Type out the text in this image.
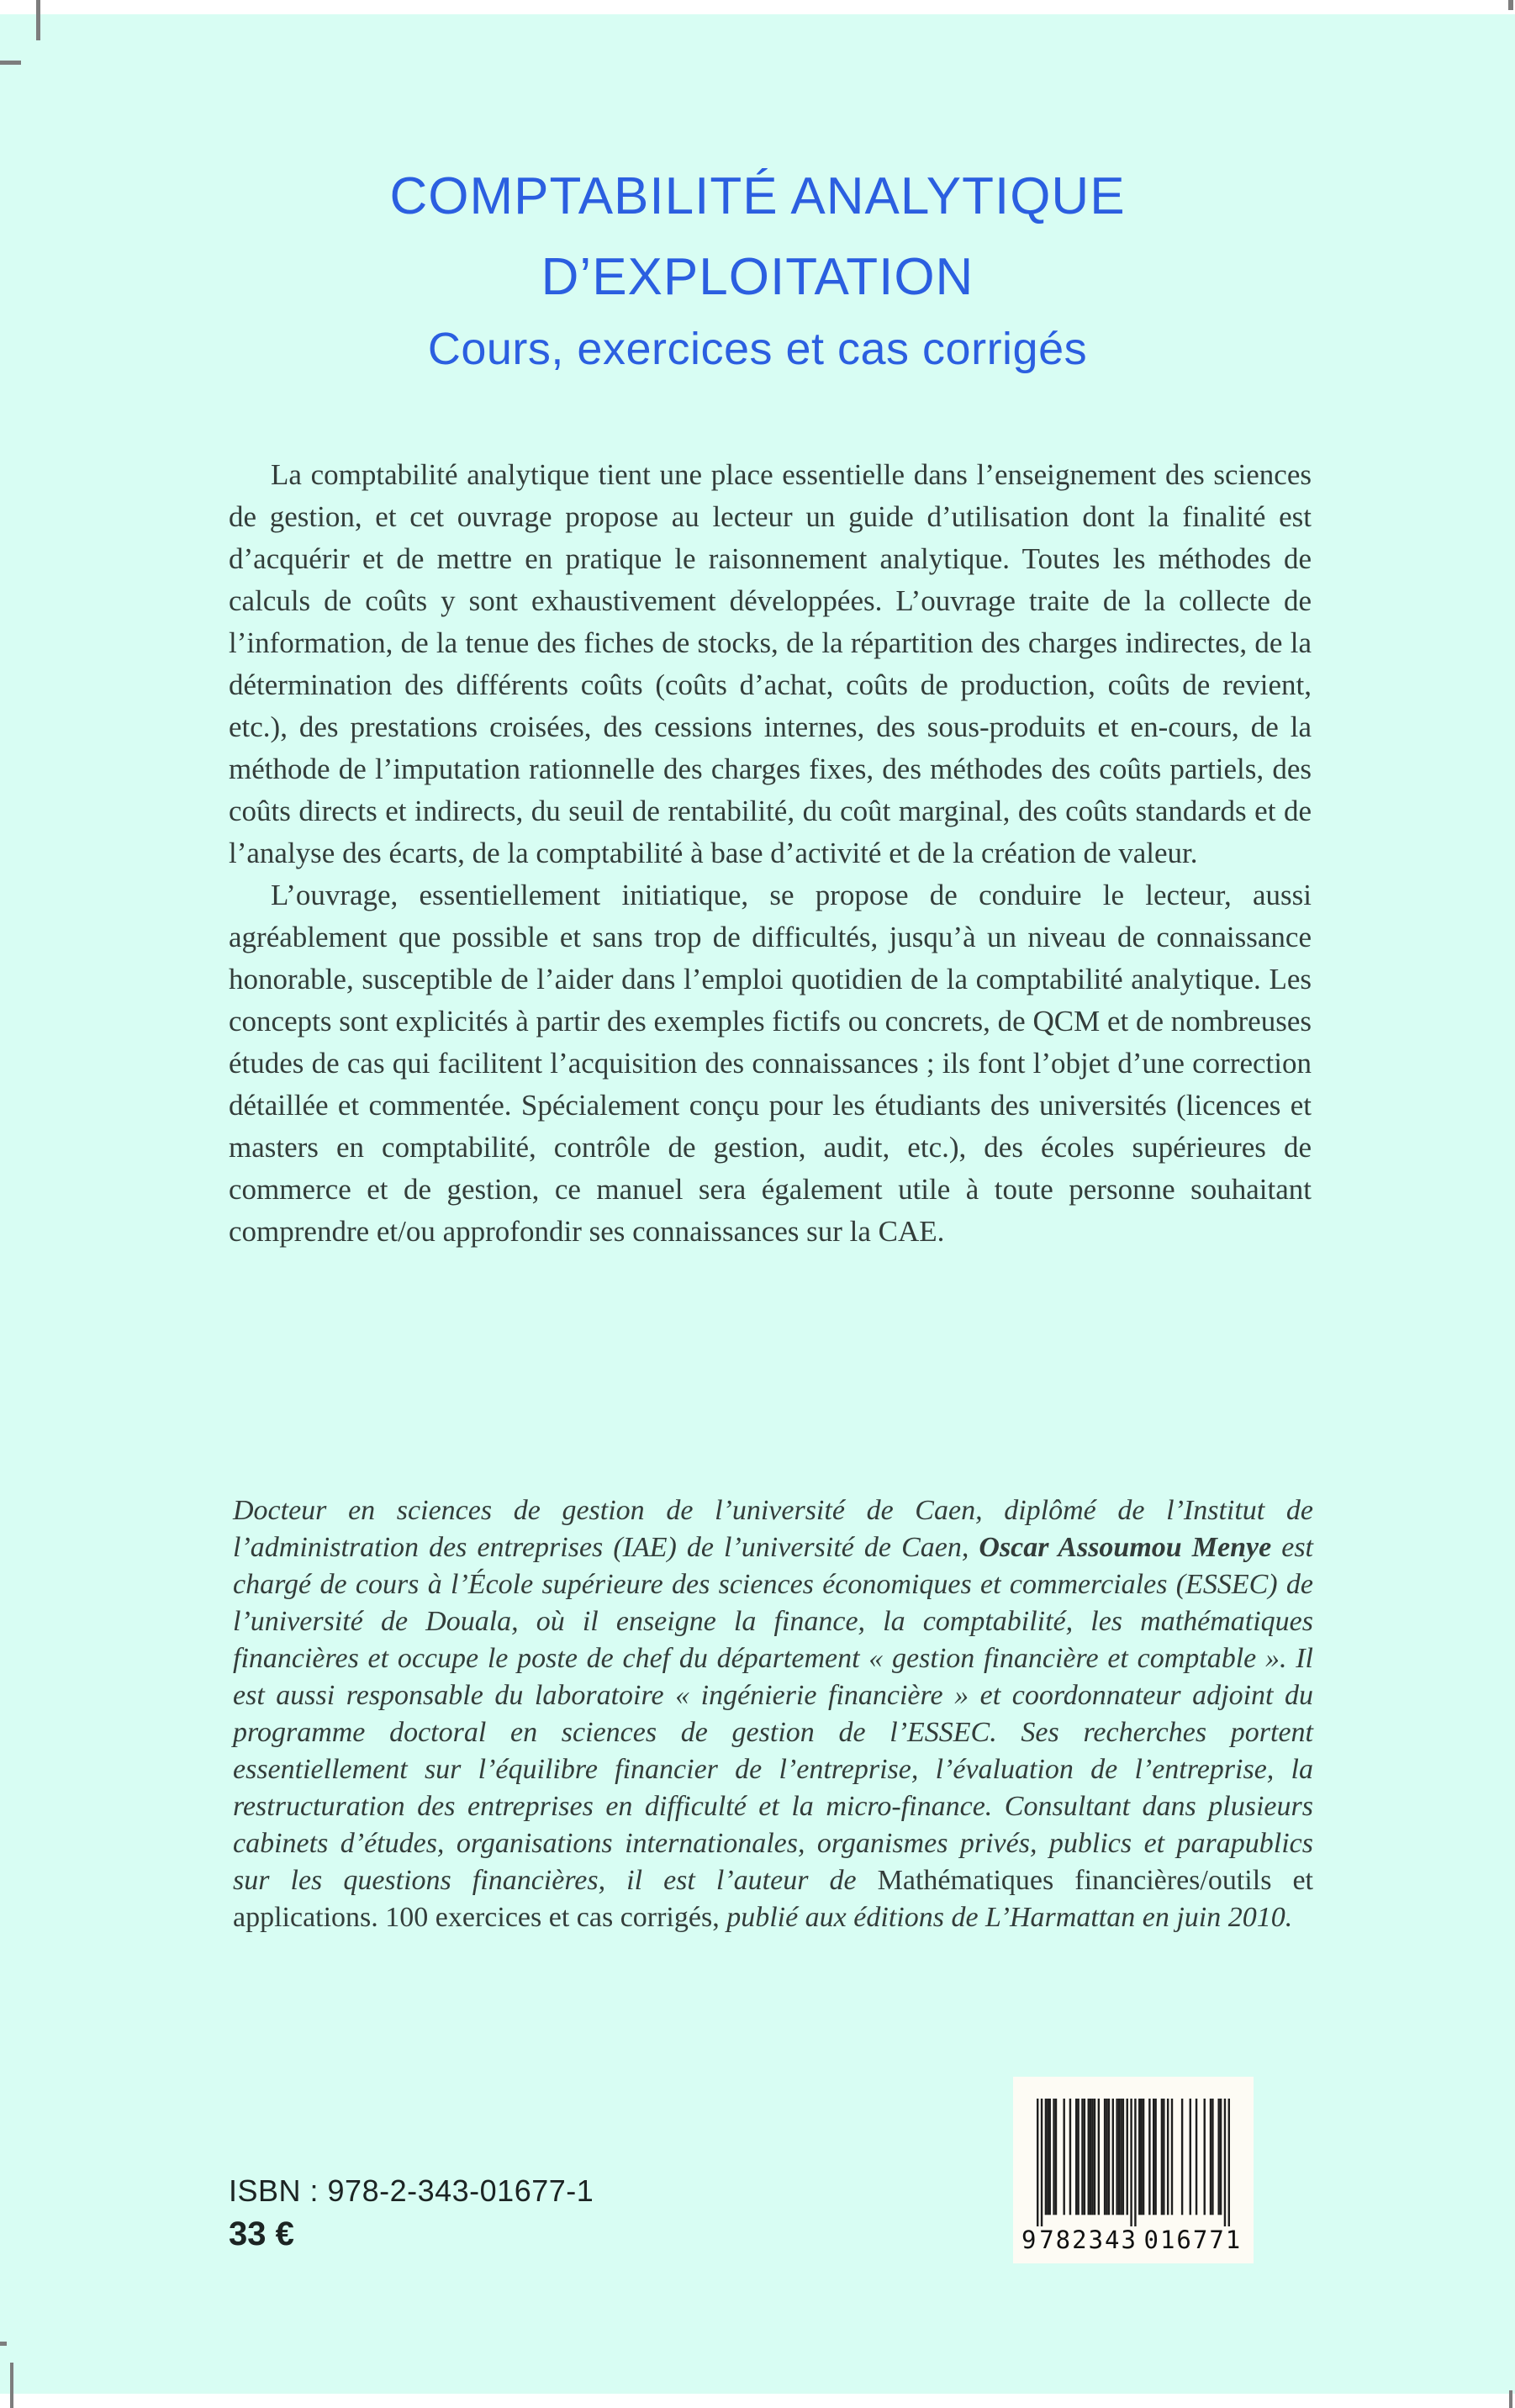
COMPTABILITÉ ANALYTIQUE
D’EXPLOITATION
Cours, exercices et cas corrigés

La comptabilité analytique tient une place essentielle dans l’enseignement des sciences de gestion, et cet ouvrage propose au lecteur un guide d’utilisation dont la finalité est d’acquérir et de mettre en pratique le raisonnement analytique. Toutes les méthodes de calculs de coûts y sont exhaustivement développées. L’ouvrage traite de la collecte de l’information, de la tenue des fiches de stocks, de la répartition des charges indirectes, de la détermination des différents coûts (coûts d’achat, coûts de production, coûts de revient, etc.), des prestations croisées, des cessions internes, des sous-produits et en-cours, de la méthode de l’imputation rationnelle des charges fixes, des méthodes des coûts partiels, des coûts directs et indirects, du seuil de rentabilité, du coût marginal, des coûts standards et de l’analyse des écarts, de la comptabilité à base d’activité et de la création de valeur.

L’ouvrage, essentiellement initiatique, se propose de conduire le lecteur, aussi agréablement que possible et sans trop de difficultés, jusqu’à un niveau de connaissance honorable, susceptible de l’aider dans l’emploi quotidien de la comptabilité analytique. Les concepts sont explicités à partir des exemples fictifs ou concrets, de QCM et de nombreuses études de cas qui facilitent l’acquisition des connaissances ; ils font l’objet d’une correction détaillée et commentée. Spécialement conçu pour les étudiants des universités (licences et masters en comptabilité, contrôle de gestion, audit, etc.), des écoles supérieures de commerce et de gestion, ce manuel sera également utile à toute personne souhaitant comprendre et/ou approfondir ses connaissances sur la CAE.

Docteur en sciences de gestion de l’université de Caen, diplômé de l’Institut de l’administration des entreprises (IAE) de l’université de Caen, Oscar Assoumou Menye est chargé de cours à l’École supérieure des sciences économiques et commerciales (ESSEC) de l’université de Douala, où il enseigne la finance, la comptabilité, les mathématiques financières et occupe le poste de chef du département « gestion financière et comptable ». Il est aussi responsable du laboratoire « ingénierie financière » et coordonnateur adjoint du programme doctoral en sciences de gestion de l’ESSEC. Ses recherches portent essentiellement sur l’équilibre financier de l’entreprise, l’évaluation de l’entreprise, la restructuration des entreprises en difficulté et la micro-finance. Consultant dans plusieurs cabinets d’études, organisations internationales, organismes privés, publics et parapublics sur les questions financières, il est l’auteur de Mathématiques financières/outils et applications. 100 exercices et cas corrigés, publié aux éditions de L’Harmattan en juin 2010.
ISBN : 978-2-343-01677-1
33 €	9 782343 016771
